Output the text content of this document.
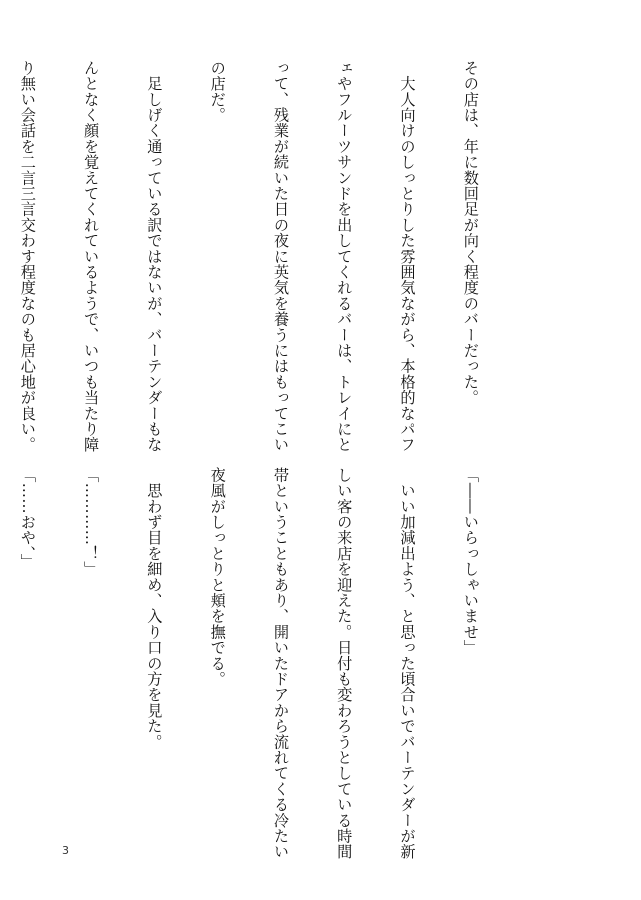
その店は、年に数回足が向く程度のバーだった。

　大人向けのしっとりした雰囲気ながら、本格的なパフ

ェやフルーツサンドを出してくれるバーは、トレイにと

って、残業が続いた日の夜に英気を養うにはもってこい

の店だ。

　足しげく通っている訳ではないが、バーテンダーもな

んとなく顔を覚えてくれているようで、いつも当たり障

り無い会話を二言三言交わす程度なのも居心地が良い。

「――いらっしゃいませ」

　いい加減出よう、と思った頃合いでバーテンダーが新

しい客の来店を迎えた。日付も変わろうとしている時間

帯ということもあり、開いたドアから流れてくる冷たい

夜風がしっとりと頬を撫でる。

　思わず目を細め、入り口の方を見た。

「…………！」

「……おや、」

3
